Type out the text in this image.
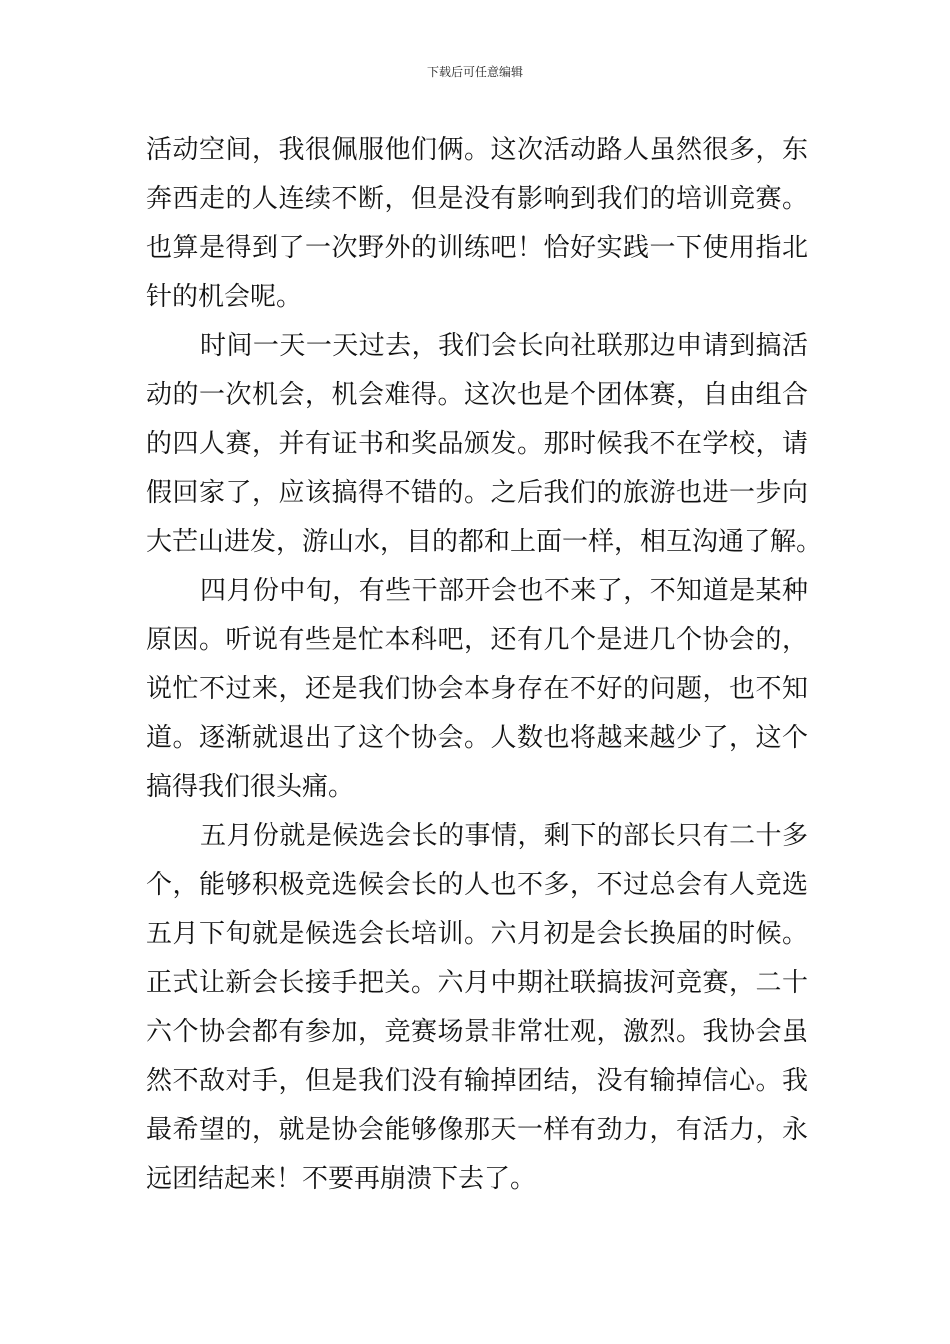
下载后可任意编辑
活动空间，我很佩服他们俩。这次活动路人虽然很多，东
奔西走的人连续不断，但是没有影响到我们的培训竞赛。
也算是得到了一次野外的训练吧！恰好实践一下使用指北
针的机会呢。
时间一天一天过去，我们会长向社联那边申请到搞活
动的一次机会，机会难得。这次也是个团体赛，自由组合
的四人赛，并有证书和奖品颁发。那时候我不在学校，请
假回家了，应该搞得不错的。之后我们的旅游也进一步向
大芒山进发，游山水，目的都和上面一样，相互沟通了解。
四月份中旬，有些干部开会也不来了，不知道是某种
原因。听说有些是忙本科吧，还有几个是进几个协会的，
说忙不过来，还是我们协会本身存在不好的问题，也不知
道。逐渐就退出了这个协会。人数也将越来越少了，这个
搞得我们很头痛。
五月份就是候选会长的事情，剩下的部长只有二十多
个，能够积极竞选候会长的人也不多，不过总会有人竞选
五月下旬就是候选会长培训。六月初是会长换届的时候。
正式让新会长接手把关。六月中期社联搞拔河竞赛，二十
六个协会都有参加，竞赛场景非常壮观，激烈。我协会虽
然不敌对手，但是我们没有输掉团结，没有输掉信心。我
最希望的，就是协会能够像那天一样有劲力，有活力，永
远团结起来！不要再崩溃下去了。
